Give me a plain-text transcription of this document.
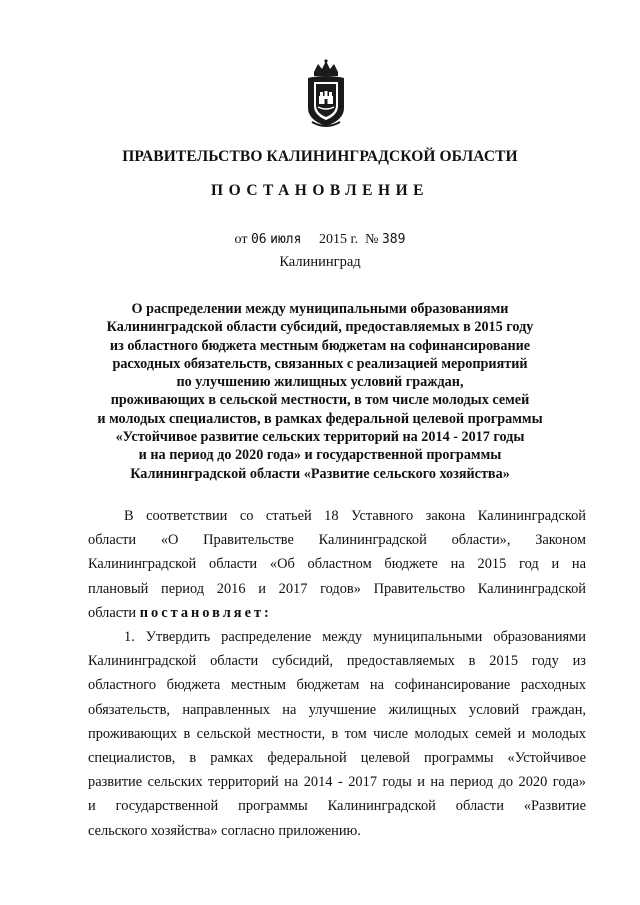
ПРАВИТЕЛЬСТВО КАЛИНИНГРАДСКОЙ ОБЛАСТИ
ПОСТАНОВЛЕНИЕ
от 06 июля 2015 г. № 389
Калининград
О распределении между муниципальными образованиями
Калининградской области субсидий, предоставляемых в 2015 году
из областного бюджета местным бюджетам на софинансирование
расходных обязательств, связанных с реализацией мероприятий
по улучшению жилищных условий граждан,
проживающих в сельской местности, в том числе молодых семей
и молодых специалистов, в рамках федеральной целевой программы
«Устойчивое развитие сельских территорий на 2014 - 2017 годы
и на период до 2020 года» и государственной программы
Калининградской области «Развитие сельского хозяйства»
В соответствии со статьей 18 Уставного закона Калининградской
области «О Правительстве Калининградской области», Законом
Калининградской области «Об областном бюджете на 2015 год и на
плановый период 2016 и 2017 годов» Правительство Калининградской
области постановляет:
1. Утвердить распределение между муниципальными образованиями
Калининградской области субсидий, предоставляемых в 2015 году из
областного бюджета местным бюджетам на софинансирование расходных
обязательств, направленных на улучшение жилищных условий граждан,
проживающих в сельской местности, в том числе молодых семей и молодых
специалистов, в рамках федеральной целевой программы «Устойчивое
развитие сельских территорий на 2014 - 2017 годы и на период до 2020 года»
и государственной программы Калининградской области «Развитие
сельского хозяйства» согласно приложению.
